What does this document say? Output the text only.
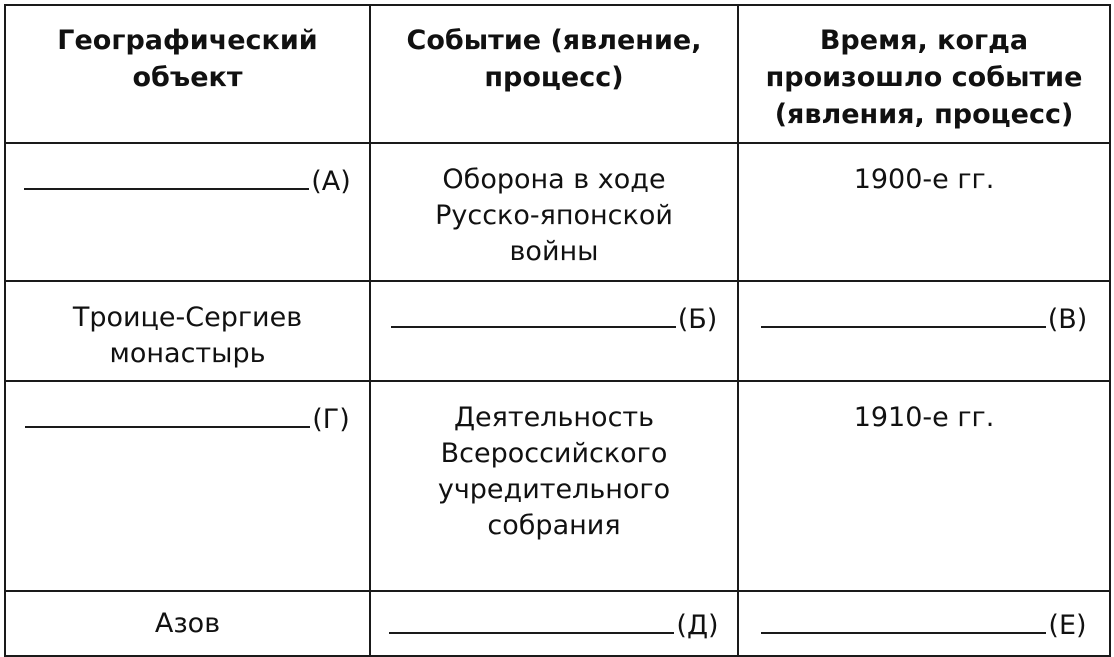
Географический
объект	Событие (явление,
процесс)	Время, когда
произошло событие
(явления, процесс)

(А)	Оборона в ходе
Русско-японской
войны	1900-е гг.

Троице-Сергиев
монастырь	(Б)	(В)
(Г)	Деятельность
Всероссийского
учредительного
собрания	1910-е гг.

Азов	(Д)	(Е)
